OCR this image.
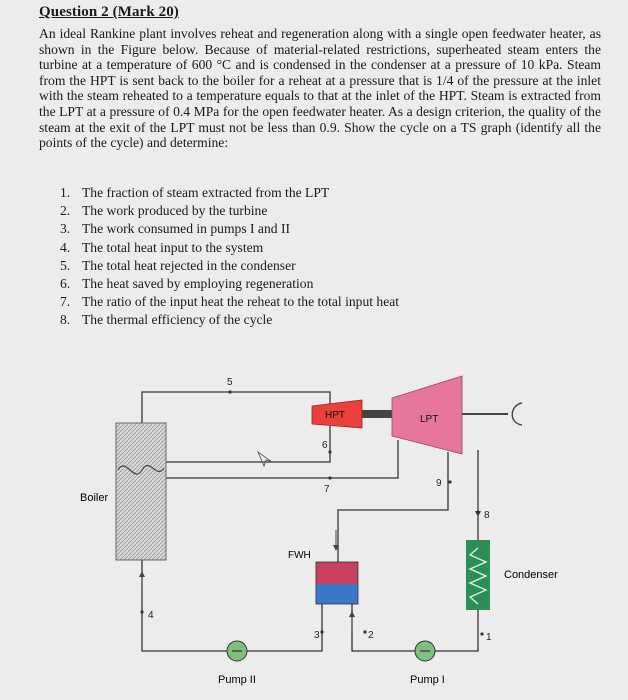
Question 2 (Mark 20)
An ideal Rankine plant involves reheat and regeneration along with a single open feedwater heater, as shown in the Figure below. Because of material-related restrictions, superheated steam enters the turbine at a temperature of 600 °C and is condensed in the condenser at a pressure of 10 kPa. Steam from the HPT is sent back to the boiler for a reheat at a pressure that is 1/4 of the pressure at the inlet with the steam reheated to a temperature equals to that at the inlet of the HPT. Steam is extracted from the LPT at a pressure of 0.4 MPa for the open feedwater heater. As a design criterion, the quality of the steam at the exit of the LPT must not be less than 0.9. Show the cycle on a TS graph (identify all the points of the cycle) and determine:
1. The fraction of steam extracted from the LPT
2. The work produced by the turbine
3. The work consumed in pumps I and II
4. The total heat input to the system
5. The total heat rejected in the condenser
6. The heat saved by employing regeneration
7. The ratio of the input heat the reheat to the total input heat
8. The thermal efficiency of the cycle
Boiler
HPT	LPT
FWH
Condenser
Pump II	Pump I
5
6
7
8
9
4
3	2	1
